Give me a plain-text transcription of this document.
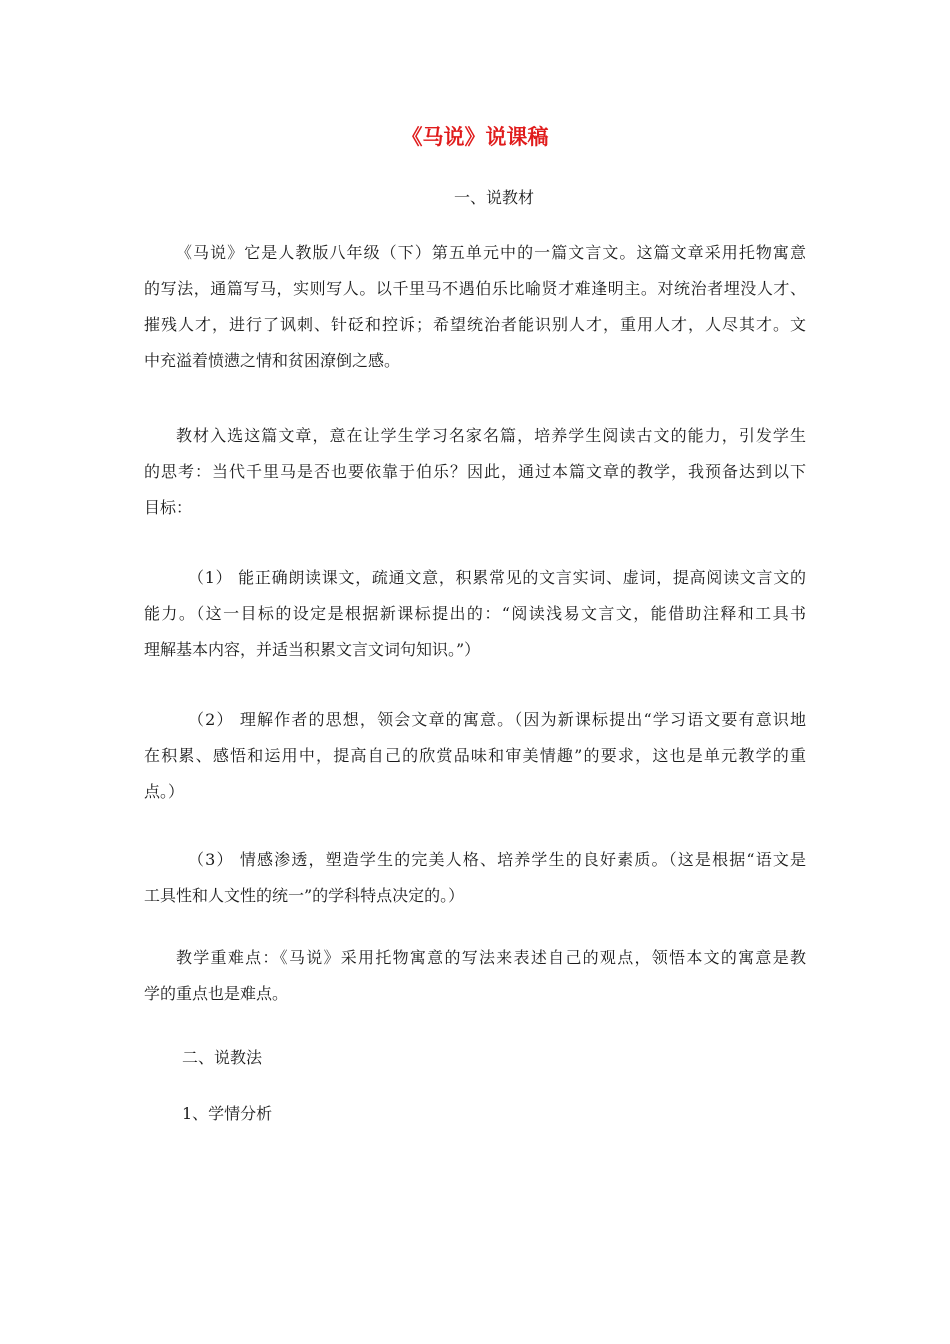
《马说》说课稿

一、说教材

《马说》它是人教版八年级（下）第五单元中的一篇文言文。这篇文章采用托物寓意
的写法，通篇写马，实则写人。以千里马不遇伯乐比喻贤才难逢明主。对统治者埋没人才、
摧残人才，进行了讽刺、针砭和控诉；希望统治者能识别人才，重用人才，人尽其才。文
中充溢着愤懑之情和贫困潦倒之感。
教材入选这篇文章，意在让学生学习名家名篇，培养学生阅读古文的能力，引发学生
的思考：当代千里马是否也要依靠于伯乐？因此，通过本篇文章的教学，我预备达到以下
目标：
（1） 能正确朗读课文，疏通文意，积累常见的文言实词、虚词，提高阅读文言文的
能力。（这一目标的设定是根据新课标提出的：“阅读浅易文言文，能借助注释和工具书
理解基本内容，并适当积累文言文词句知识。”）
（2） 理解作者的思想，领会文章的寓意。（因为新课标提出“学习语文要有意识地
在积累、感悟和运用中，提高自己的欣赏品味和审美情趣”的要求，这也是单元教学的重
点。）
（3） 情感渗透，塑造学生的完美人格、培养学生的良好素质。（这是根据“语文是
工具性和人文性的统一”的学科特点决定的。）
教学重难点：《马说》采用托物寓意的写法来表述自己的观点，领悟本文的寓意是教
学的重点也是难点。

二、说教法

1、学情分析
